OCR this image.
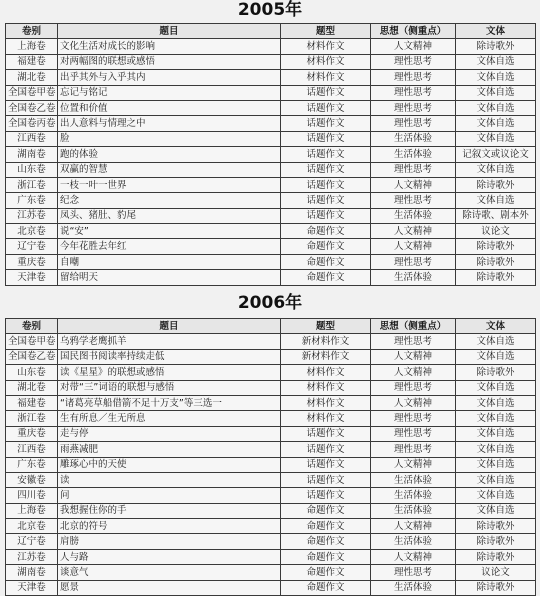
2005年
卷别	题目	题型	思想（侧重点）	文体
上海卷	文化生活对成长的影响	材料作文	人文精神	除诗歌外
福建卷	对两幅图的联想或感悟	材料作文	理性思考	文体自选
湖北卷	出乎其外与入乎其内	材料作文	理性思考	文体自选
全国卷甲卷	忘记与铭记	话题作文	理性思考	文体自选
全国卷乙卷	位置和价值	话题作文	理性思考	文体自选
全国卷丙卷	出人意料与情理之中	话题作文	理性思考	文体自选
江西卷	脸	话题作文	生活体验	文体自选
湖南卷	跑的体验	话题作文	生活体验	记叙文或议论文
山东卷	双赢的智慧	话题作文	理性思考	文体自选
浙江卷	一枝一叶一世界	话题作文	人文精神	除诗歌外
广东卷	纪念	话题作文	理性思考	文体自选
江苏卷	凤头、猪肚、豹尾	话题作文	生活体验	除诗歌、剧本外
北京卷	说“安”	命题作文	人文精神	议论文
辽宁卷	今年花胜去年红	命题作文	人文精神	除诗歌外
重庆卷	自嘲	命题作文	理性思考	除诗歌外
天津卷	留给明天	命题作文	生活体验	除诗歌外
2006年
卷别	题目	题型	思想（侧重点）	文体
全国卷甲卷	乌鸦学老鹰抓羊	新材料作文	理性思考	文体自选
全国卷乙卷	国民图书阅读率持续走低	新材料作文	人文精神	文体自选
山东卷	读《星星》的联想或感悟	材料作文	人文精神	除诗歌外
湖北卷	对带“三”词语的联想与感悟	材料作文	理性思考	文体自选
福建卷	“诸葛亮草船借箭不足十万支”等三选一	材料作文	人文精神	文体自选
浙江卷	生有所息／生无所息	材料作文	理性思考	文体自选
重庆卷	走与停	话题作文	理性思考	文体自选
江西卷	雨燕减肥	话题作文	理性思考	文体自选
广东卷	雕琢心中的天使	话题作文	人文精神	文体自选
安徽卷	读	话题作文	生活体验	文体自选
四川卷	问	话题作文	生活体验	文体自选
上海卷	我想握住你的手	命题作文	生活体验	文体自选
北京卷	北京的符号	命题作文	人文精神	除诗歌外
辽宁卷	肩膀	命题作文	生活体验	除诗歌外
江苏卷	人与路	命题作文	人文精神	除诗歌外
湖南卷	谈意气	命题作文	理性思考	议论文
天津卷	愿景	命题作文	生活体验	除诗歌外
